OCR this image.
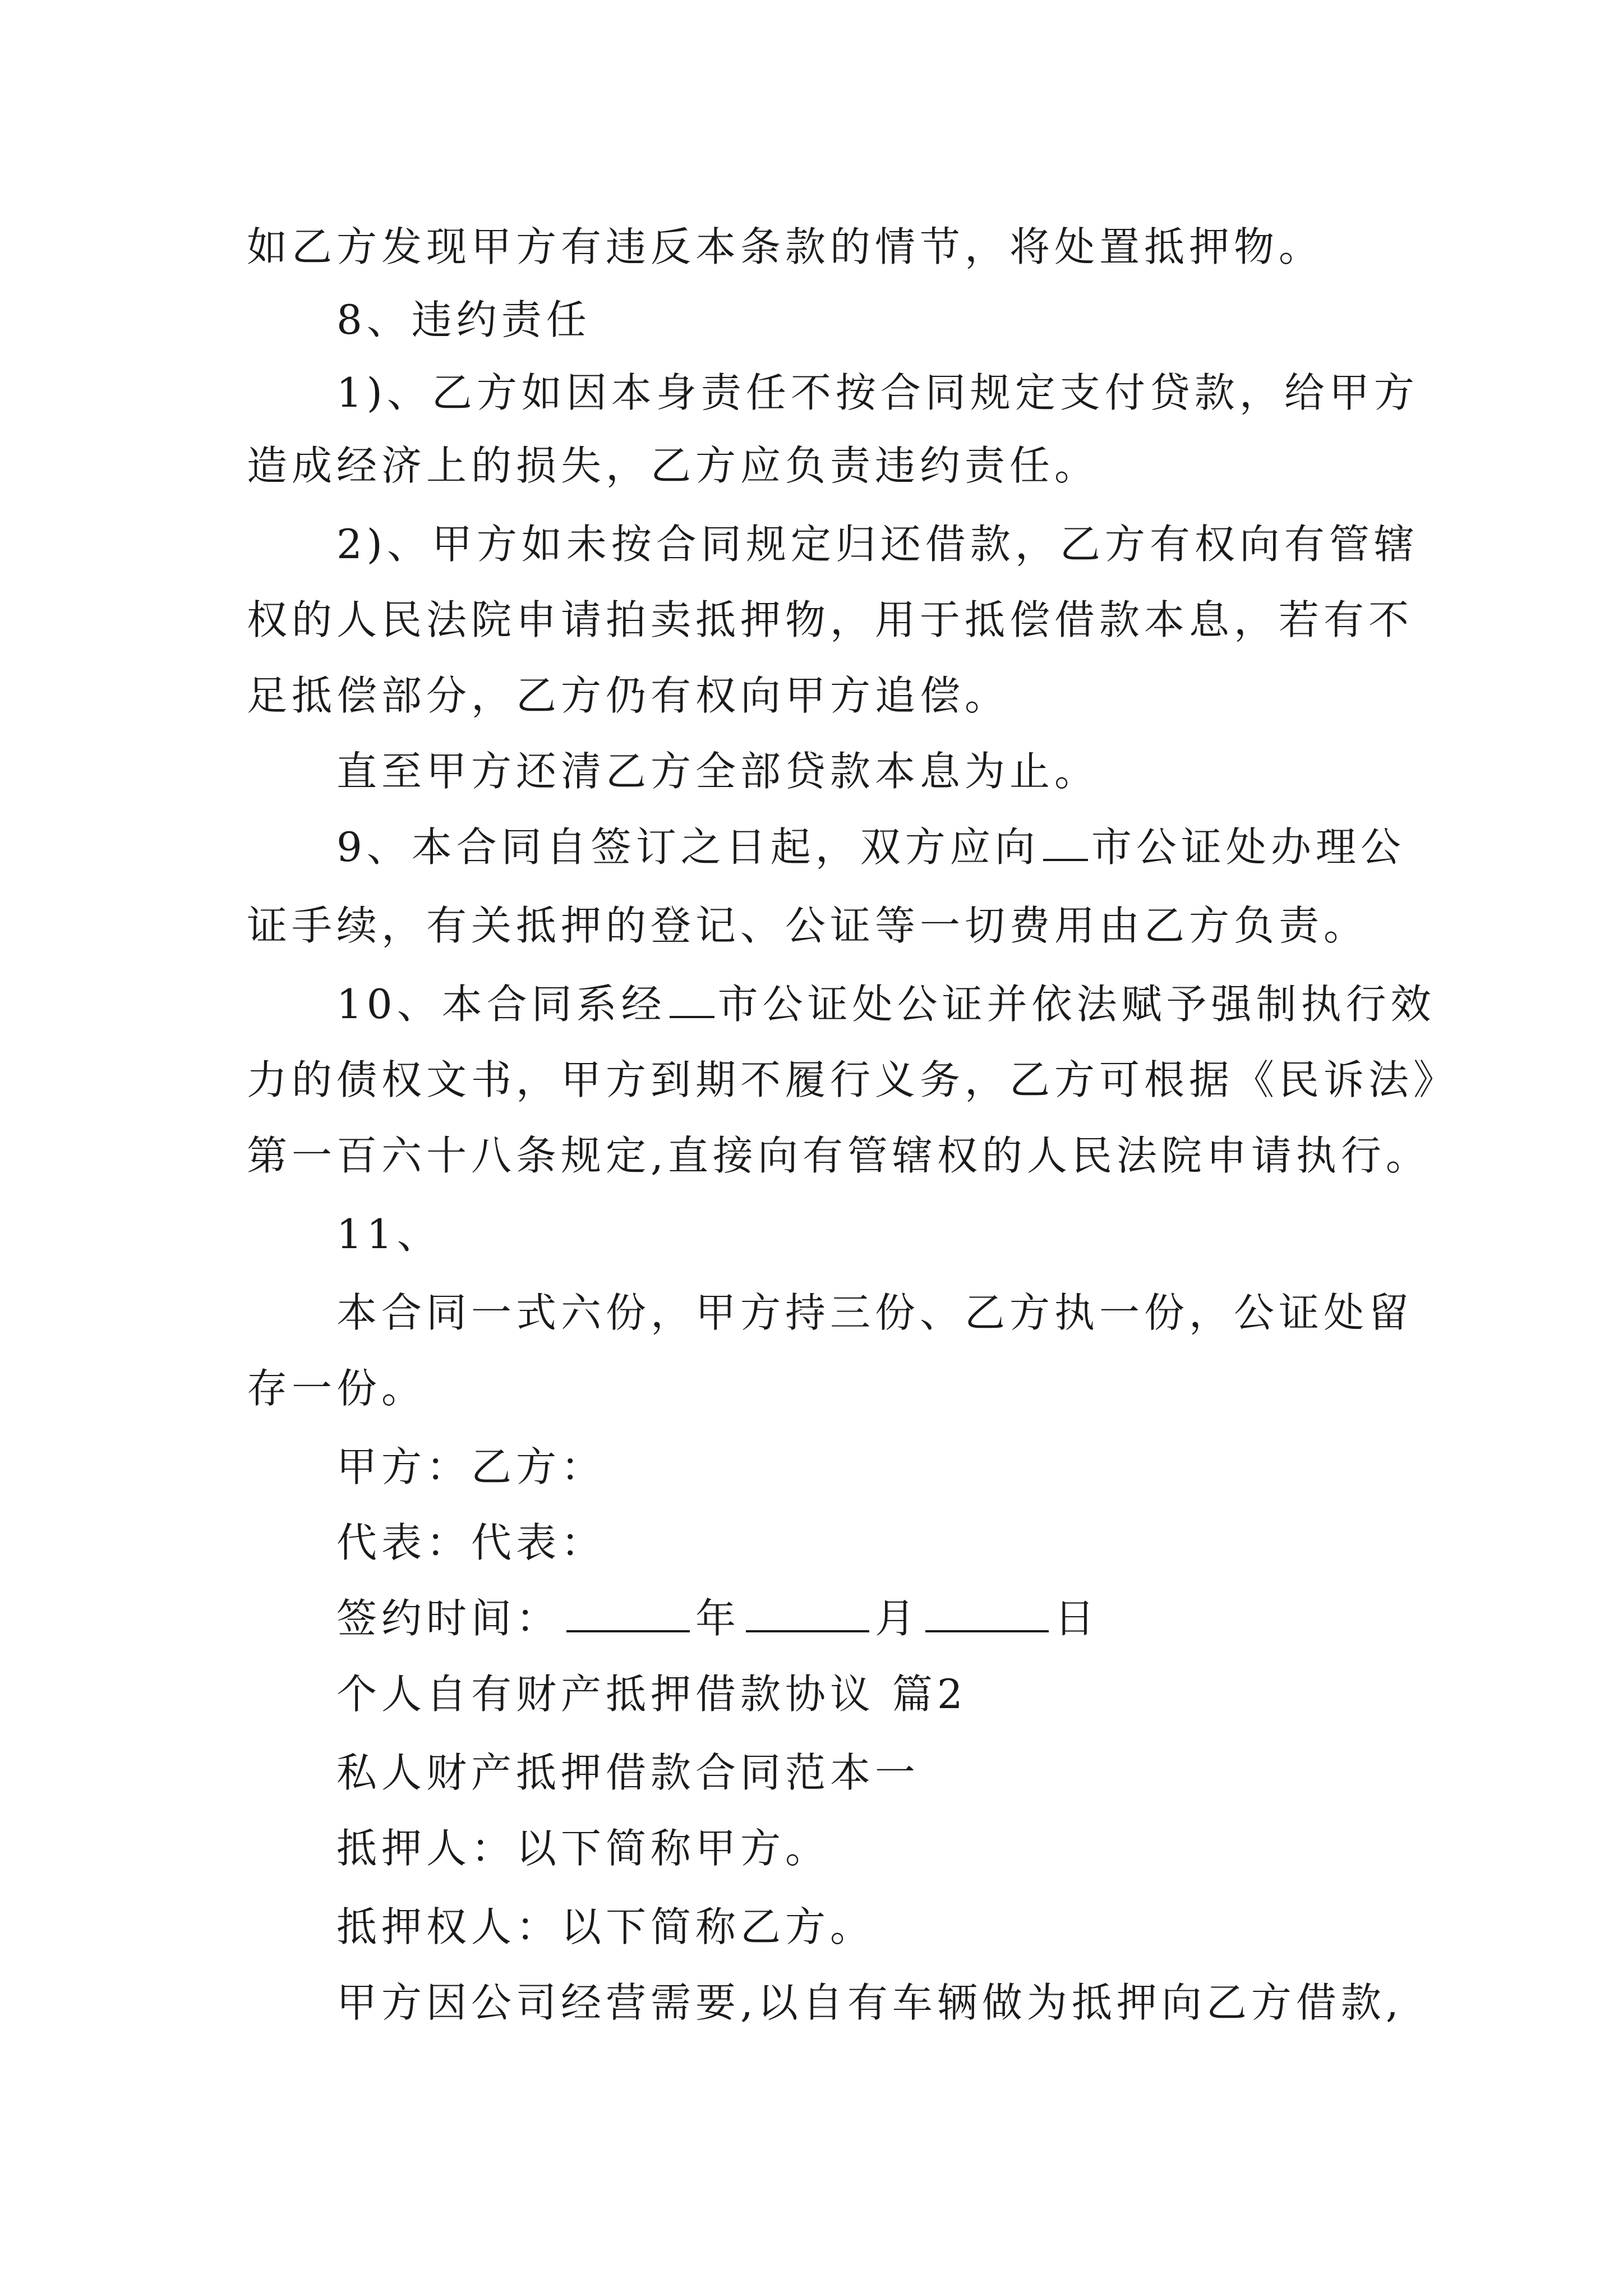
如乙方发现甲方有违反本条款的情节，将处置抵押物。
8、违约责任
1)、乙方如因本身责任不按合同规定支付贷款，给甲方
造成经济上的损失，乙方应负责违约责任。
2)、甲方如未按合同规定归还借款，乙方有权向有管辖
权的人民法院申请拍卖抵押物，用于抵偿借款本息，若有不
足抵偿部分，乙方仍有权向甲方追偿。
直至甲方还清乙方全部贷款本息为止。
9、本合同自签订之日起，双方应向 市公证处办理公
证手续，有关抵押的登记、公证等一切费用由乙方负责。
10、本合同系经 市公证处公证并依法赋予强制执行效
力的债权文书，甲方到期不履行义务，乙方可根据《民诉法》
第一百六十八条规定,直接向有管辖权的人民法院申请执行。
11、
本合同一式六份，甲方持三份、乙方执一份，公证处留
存一份。
甲方：乙方：
代表：代表：
签约时间：	年	月	日
个人自有财产抵押借款协议 篇2
私人财产抵押借款合同范本一
抵押人：以下简称甲方。
抵押权人：以下简称乙方。
甲方因公司经营需要,以自有车辆做为抵押向乙方借款,
